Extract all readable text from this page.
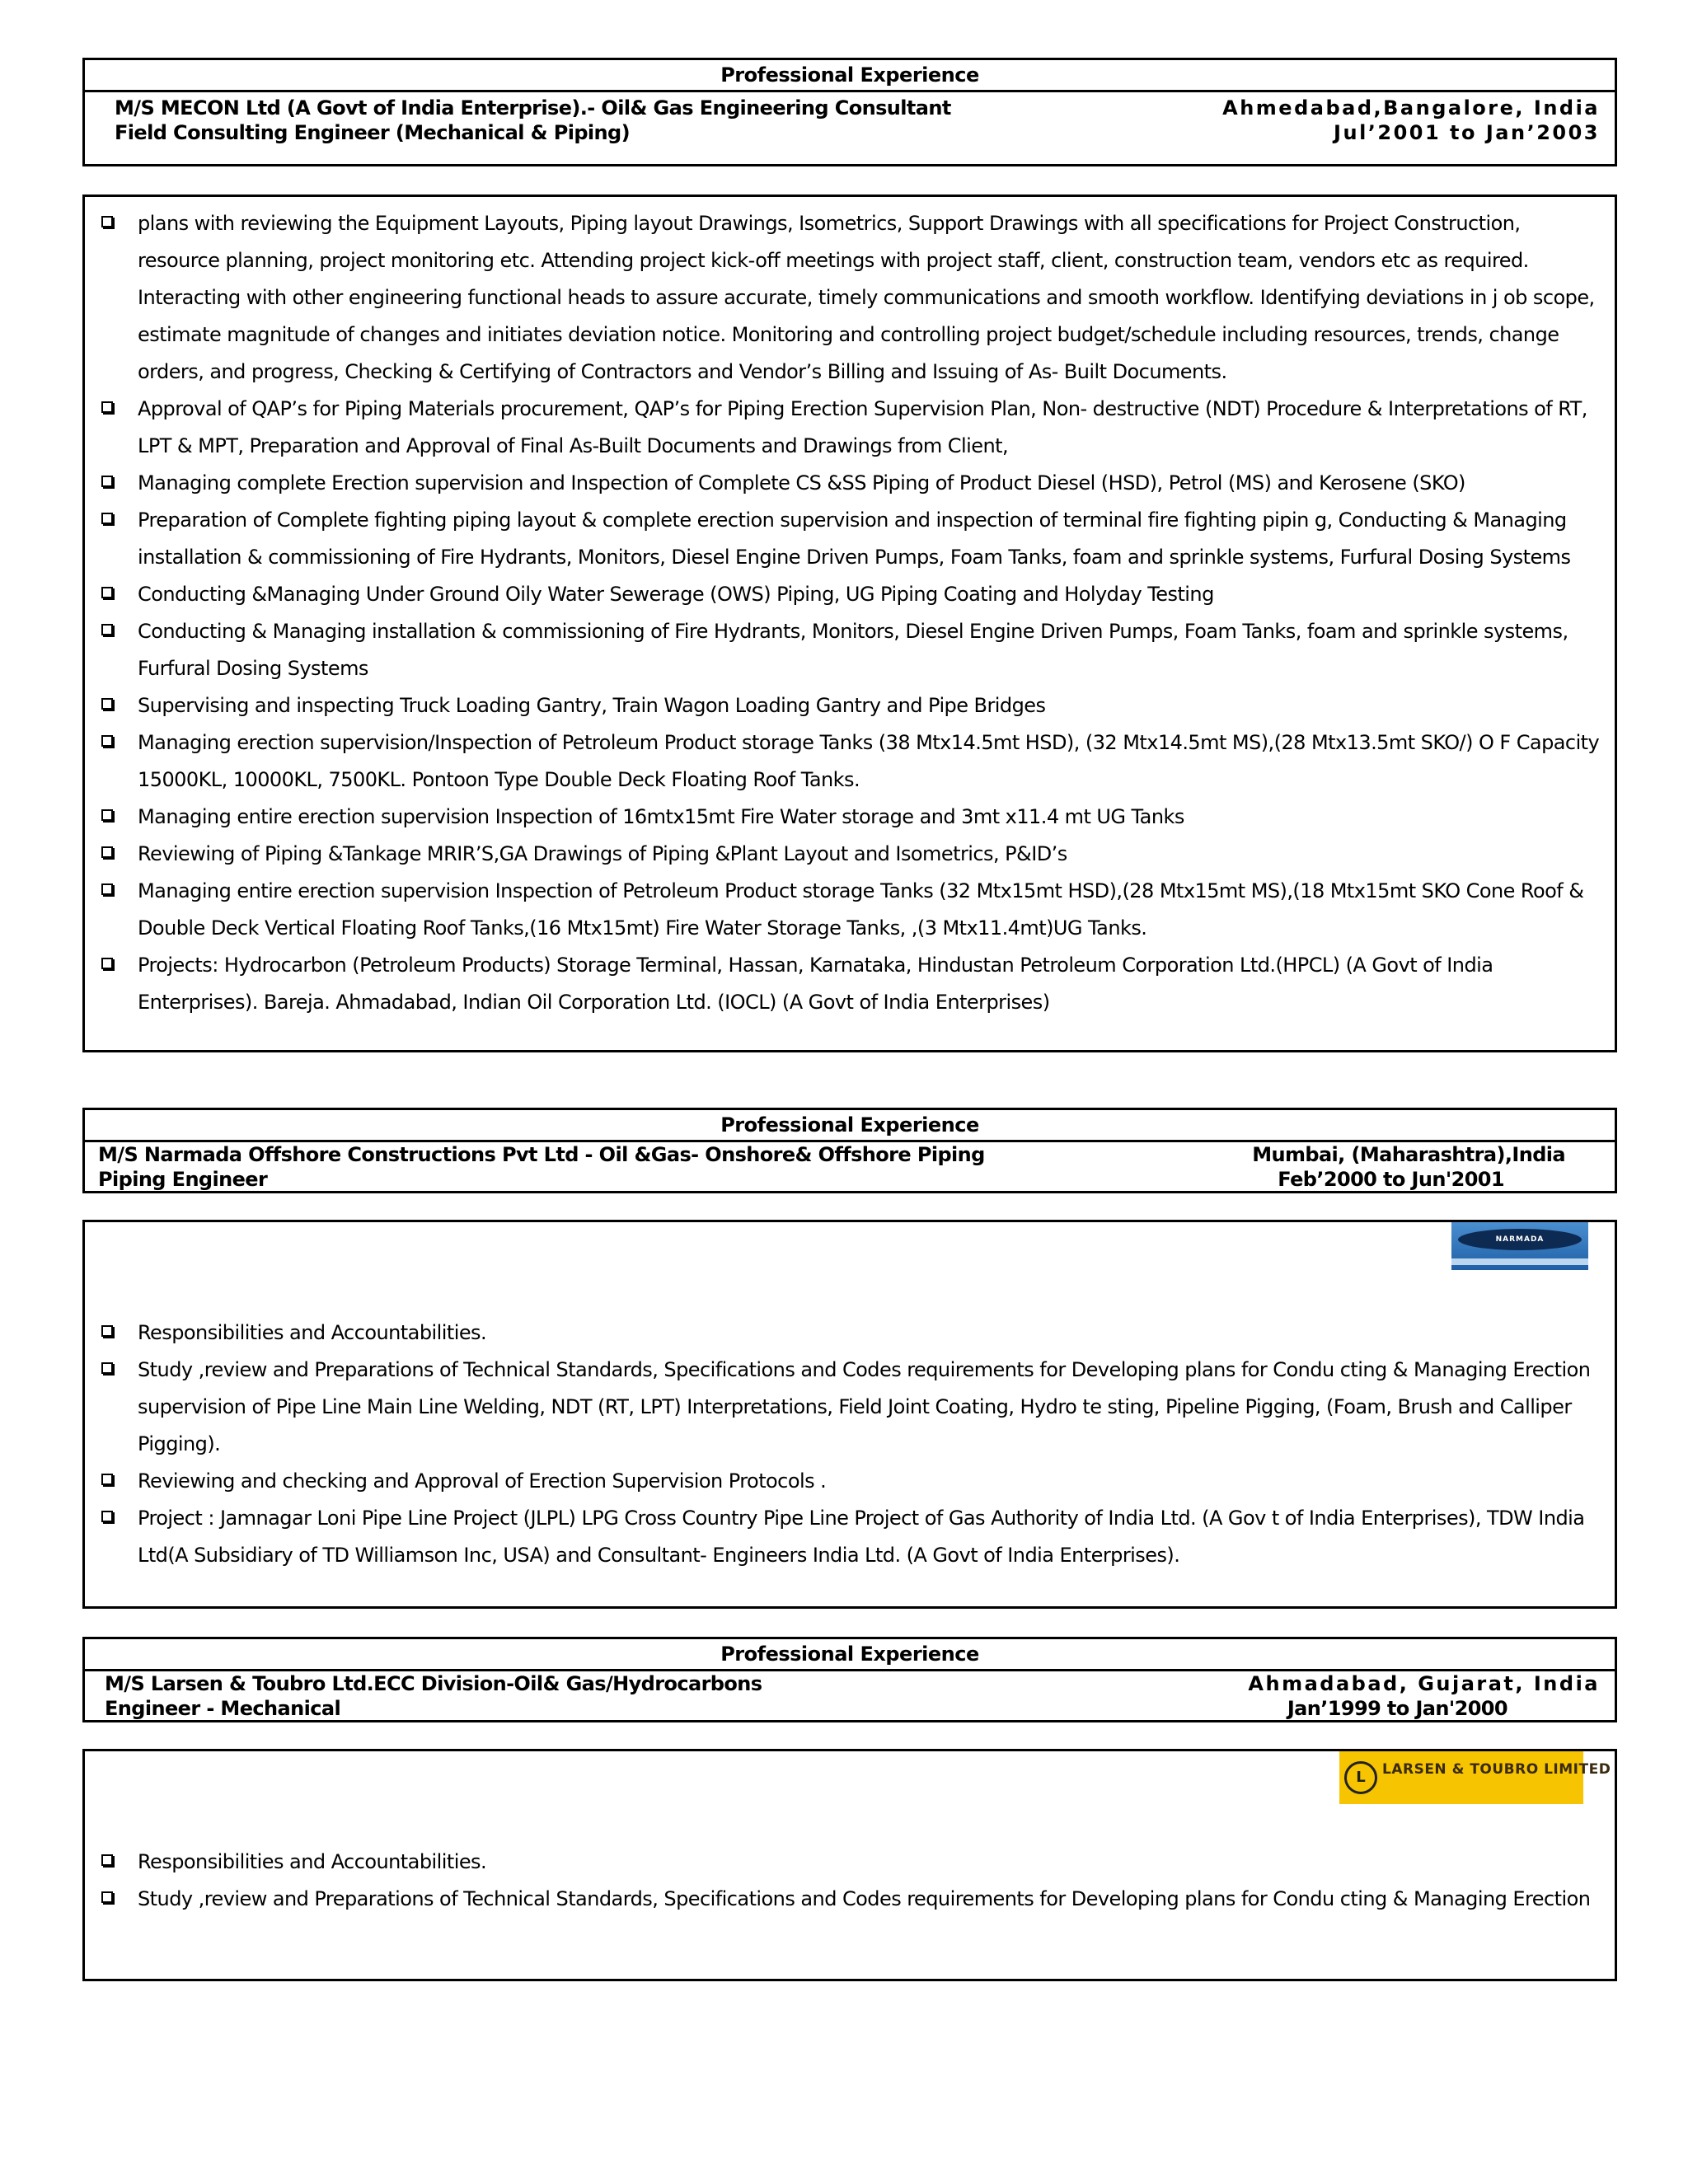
Professional Experience
M/S MECON Ltd (A Govt of India Enterprise).- Oil& Gas Engineering Consultant	Ahmedabad,Bangalore, India
Field Consulting Engineer (Mechanical & Piping)	Jul’2001 to Jan’2003
plans with reviewing the Equipment Layouts, Piping layout Drawings, Isometrics, Support Drawings with all specifications for Project Construction, resource planning, project monitoring etc. Attending project kick-off meetings with project staff, client, construction team, vendors etc as required. Interacting with other engineering functional heads to assure accurate, timely communications and smooth workflow. Identifying deviations in j ob scope, estimate magnitude of changes and initiates deviation notice. Monitoring and controlling project budget/schedule including resources, trends, change orders, and progress, Checking & Certifying of Contractors and Vendor’s Billing and Issuing of As- Built Documents.
Approval of QAP’s for Piping Materials procurement, QAP’s for Piping Erection Supervision Plan, Non- destructive (NDT) Procedure & Interpretations of RT, LPT & MPT, Preparation and Approval of Final As-Built Documents and Drawings from Client,
Managing complete Erection supervision and Inspection of Complete CS &SS Piping of Product Diesel (HSD), Petrol (MS) and Kerosene (SKO)
Preparation of Complete fighting piping layout & complete erection supervision and inspection of terminal fire fighting pipin g, Conducting & Managing installation & commissioning of Fire Hydrants, Monitors, Diesel Engine Driven Pumps, Foam Tanks, foam and sprinkle systems, Furfural Dosing Systems
Conducting &Managing Under Ground Oily Water Sewerage (OWS) Piping, UG Piping Coating and Holyday Testing
Conducting & Managing installation & commissioning of Fire Hydrants, Monitors, Diesel Engine Driven Pumps, Foam Tanks, foam and sprinkle systems, Furfural Dosing Systems
Supervising and inspecting Truck Loading Gantry, Train Wagon Loading Gantry and Pipe Bridges
Managing erection supervision/Inspection of Petroleum Product storage Tanks (38 Mtx14.5mt HSD), (32 Mtx14.5mt MS),(28 Mtx13.5mt SKO/) O F Capacity 15000KL, 10000KL, 7500KL. Pontoon Type Double Deck Floating Roof Tanks.
Managing entire erection supervision Inspection of 16mtx15mt Fire Water storage and 3mt x11.4 mt UG Tanks
Reviewing of Piping &Tankage MRIR’S,GA Drawings of Piping &Plant Layout and Isometrics, P&ID’s
Managing entire erection supervision Inspection of Petroleum Product storage Tanks (32 Mtx15mt HSD),(28 Mtx15mt MS),(18 Mtx15mt SKO Cone Roof & Double Deck Vertical Floating Roof Tanks,(16 Mtx15mt) Fire Water Storage Tanks, ,(3 Mtx11.4mt)UG Tanks.
Projects: Hydrocarbon (Petroleum Products) Storage Terminal, Hassan, Karnataka, Hindustan Petroleum Corporation Ltd.(HPCL) (A Govt of India Enterprises). Bareja. Ahmadabad, Indian Oil Corporation Ltd. (IOCL) (A Govt of India Enterprises)
Professional Experience
M/S Narmada Offshore Constructions Pvt Ltd - Oil &Gas- Onshore& Offshore Piping	Mumbai, (Maharashtra),India
Piping Engineer	Feb’2000 to Jun'2001
NARMADA
Responsibilities and Accountabilities.
Study ,review and Preparations of Technical Standards, Specifications and Codes requirements for Developing plans for Condu cting & Managing Erection supervision of Pipe Line Main Line Welding, NDT (RT, LPT) Interpretations, Field Joint Coating, Hydro te sting, Pipeline Pigging, (Foam, Brush and Calliper Pigging).
Reviewing and checking and Approval of Erection Supervision Protocols .
Project : Jamnagar Loni Pipe Line Project (JLPL) LPG Cross Country Pipe Line Project of Gas Authority of India Ltd. (A Gov t of India Enterprises), TDW India Ltd(A Subsidiary of TD Williamson Inc, USA) and Consultant- Engineers India Ltd. (A Govt of India Enterprises).
Professional Experience
M/S Larsen & Toubro Ltd.ECC Division-Oil& Gas/Hydrocarbons	Ahmadabad, Gujarat, India
Engineer - Mechanical	Jan’1999 to Jan'2000
L	LARSEN & TOUBRO LIMITED
Responsibilities and Accountabilities.
Study ,review and Preparations of Technical Standards, Specifications and Codes requirements for Developing plans for Condu cting & Managing Erection
